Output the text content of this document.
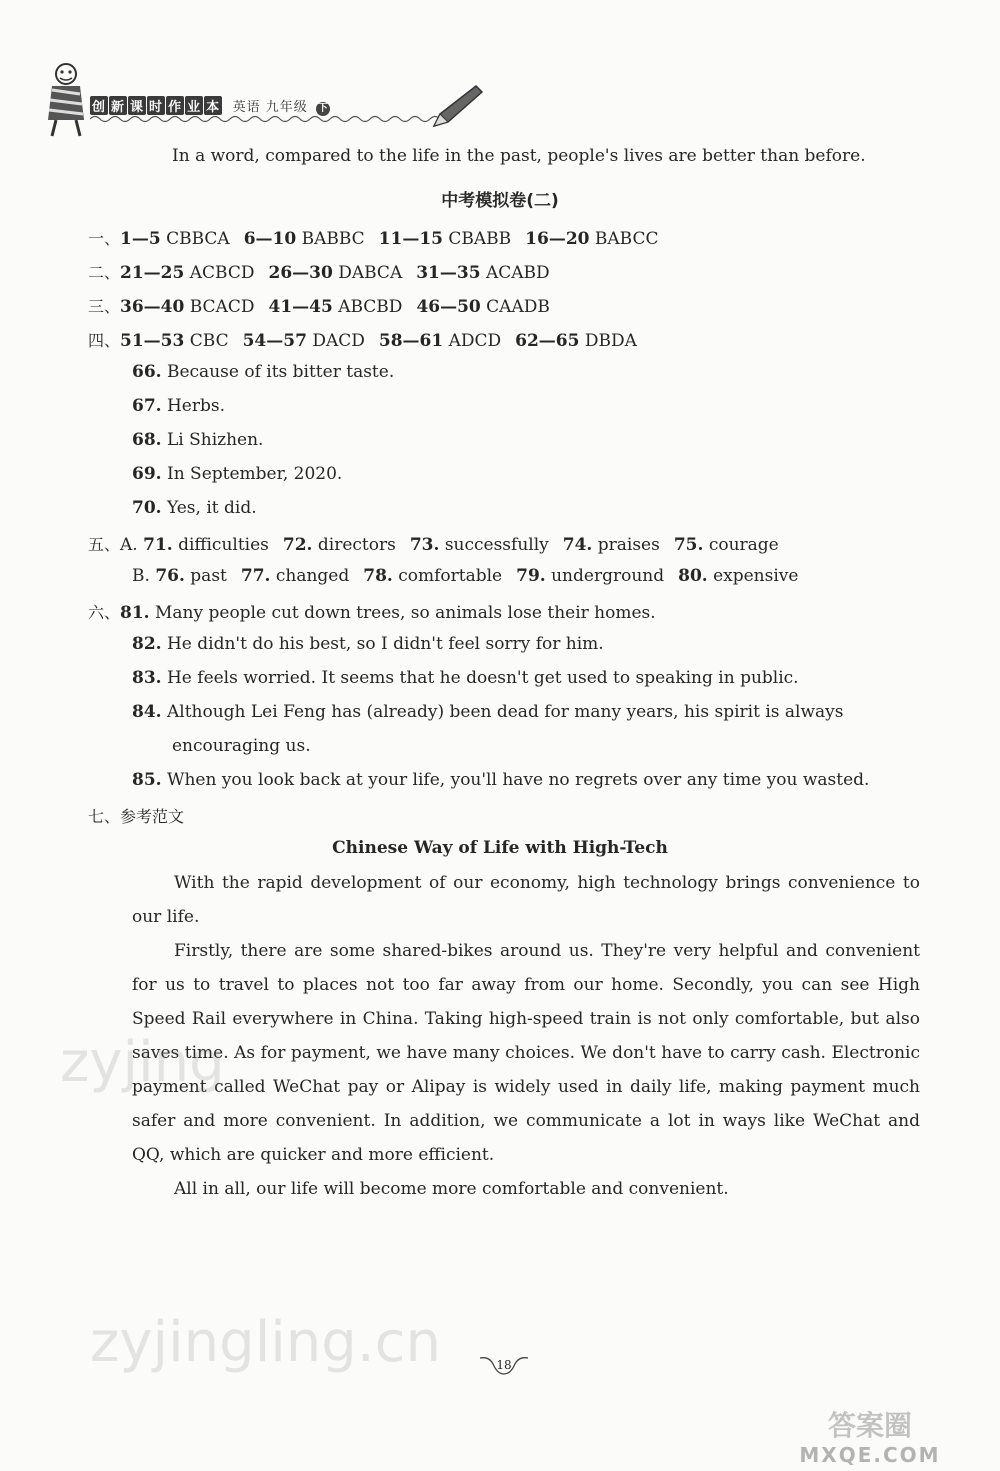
创 新 课 时 作 业 本 英语 九年级 下
In a word, compared to the life in the past, people's lives are better than before.
中考模拟卷(二)
一、1—5 CBBCA 6—10 BABBC 11—15 CBABB 16—20 BABCC
二、21—25 ACBCD 26—30 DABCA 31—35 ACABD
三、36—40 BCACD 41—45 ABCBD 46—50 CAADB
四、51—53 CBC 54—57 DACD 58—61 ADCD 62—65 DBDA
66. Because of its bitter taste.
67. Herbs.
68. Li Shizhen.
69. In September, 2020.
70. Yes, it did.
五、A. 71. difficulties 72. directors 73. successfully 74. praises 75. courage
B. 76. past 77. changed 78. comfortable 79. underground 80. expensive
六、81. Many people cut down trees, so animals lose their homes.
82. He didn't do his best, so I didn't feel sorry for him.
83. He feels worried. It seems that he doesn't get used to speaking in public.
84. Although Lei Feng has (already) been dead for many years, his spirit is always
encouraging us.
85. When you look back at your life, you'll have no regrets over any time you wasted.
七、参考范文
Chinese Way of Life with High-Tech

With the rapid development of our economy, high technology brings convenience to our life.

Firstly, there are some shared-bikes around us. They're very helpful and convenient for us to travel to places not too far away from our home. Secondly, you can see High Speed Rail everywhere in China. Taking high-speed train is not only comfortable, but also saves time. As for payment, we have many choices. We don't have to carry cash. Electronic payment called WeChat pay or Alipay is widely used in daily life, making payment much safer and more convenient. In addition, we communicate a lot in ways like WeChat and QQ, which are quicker and more efficient.

All in all, our life will become more comfortable and convenient.

zyjing
zyjingling.cn	18
答案圈
MXQE.COM
